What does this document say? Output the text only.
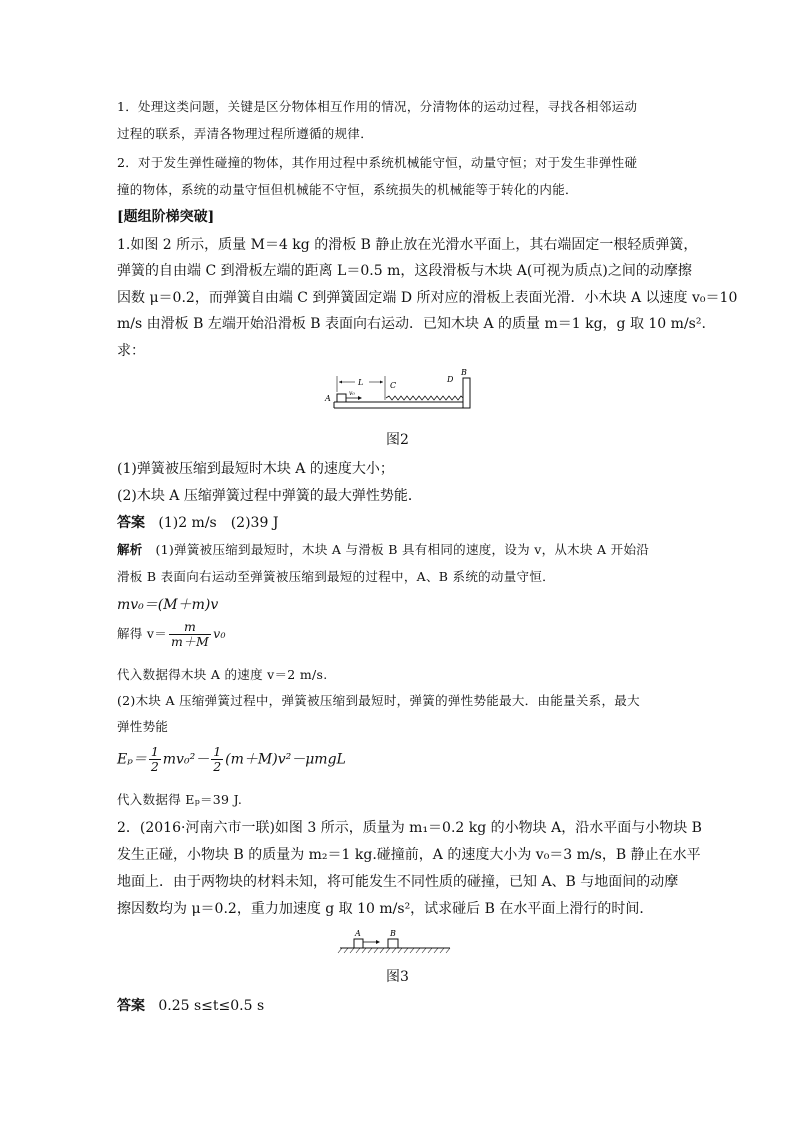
1．处理这类问题，关键是区分物体相互作用的情况，分清物体的运动过程，寻找各相邻运动
过程的联系，弄清各物理过程所遵循的规律．
2．对于发生弹性碰撞的物体，其作用过程中系统机械能守恒，动量守恒；对于发生非弹性碰
撞的物体，系统的动量守恒但机械能不守恒，系统损失的机械能等于转化的内能．
[题组阶梯突破]
1.如图 2 所示，质量 M＝4 kg 的滑板 B 静止放在光滑水平面上，其右端固定一根轻质弹簧，
弹簧的自由端 C 到滑板左端的距离 L＝0.5 m，这段滑板与木块 A(可视为质点)之间的动摩擦
因数 μ＝0.2，而弹簧自由端 C 到弹簧固定端 D 所对应的滑板上表面光滑．小木块 A 以速度 v₀＝10
m/s 由滑板 B 左端开始沿滑板 B 表面向右运动．已知木块 A 的质量 m＝1 kg，g 取 10 m/s².
求：
A
v₀
L	C
D
B
图2
(1)弹簧被压缩到最短时木块 A 的速度大小；
(2)木块 A 压缩弹簧过程中弹簧的最大弹性势能．
答案 (1)2 m/s　(2)39 J
解析 (1)弹簧被压缩到最短时，木块 A 与滑板 B 具有相同的速度，设为 v，从木块 A 开始沿
滑板 B 表面向右运动至弹簧被压缩到最短的过程中，A、B 系统的动量守恒．
mv₀＝(M＋m)v
解得 $v= \frac{m}{m+M} v_0$
代入数据得木块 A 的速度 v＝2 m/s.
(2)木块 A 压缩弹簧过程中，弹簧被压缩到最短时，弹簧的弹性势能最大．由能量关系，最大
弹性势能
$E_p= \frac{1}{2} mv_0^2- \frac{1}{2} (m+M)v^2-\mu mgL$
代入数据得 Eₚ＝39 J.
2．(2016·河南六市一联)如图 3 所示，质量为 m₁＝0.2 kg 的小物块 A，沿水平面与小物块 B
发生正碰，小物块 B 的质量为 m₂＝1 kg.碰撞前，A 的速度大小为 v₀＝3 m/s，B 静止在水平
地面上．由于两物块的材料未知，将可能发生不同性质的碰撞，已知 A、B 与地面间的动摩
擦因数均为 μ＝0.2，重力加速度 g 取 10 m/s²，试求碰后 B 在水平面上滑行的时间．
A	B
图3
答案 0.25 s≤t≤0.5 s
